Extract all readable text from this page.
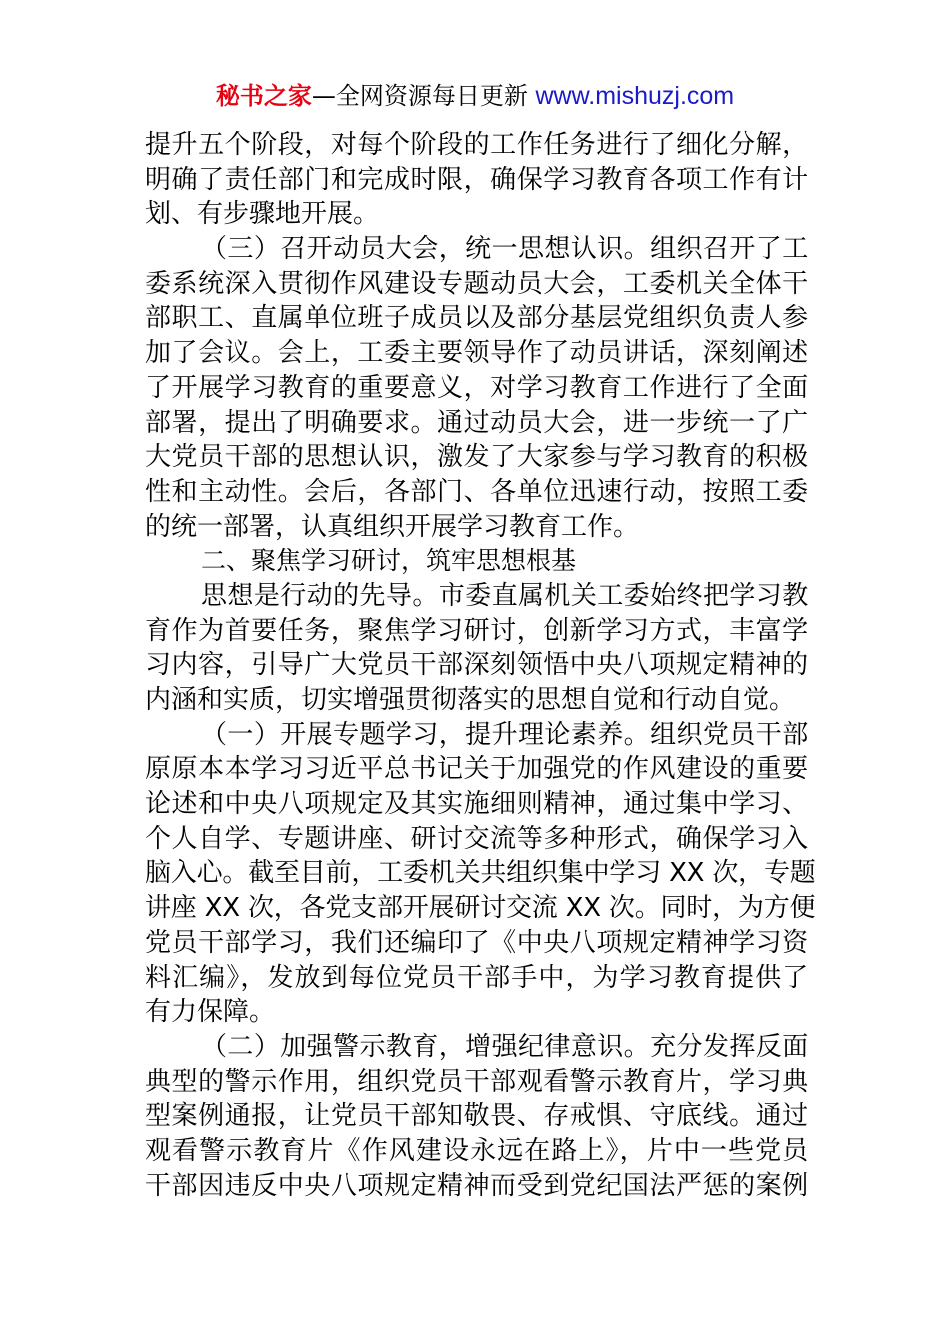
秘书之家—全网资源每日更新 www.mishuzj.com
提升五个阶段，对每个阶段的工作任务进行了细化分解，
明确了责任部门和完成时限，确保学习教育各项工作有计
划、有步骤地开展。
（三）召开动员大会，统一思想认识。组织召开了工
委系统深入贯彻作风建设专题动员大会，工委机关全体干
部职工、直属单位班子成员以及部分基层党组织负责人参
加了会议。会上，工委主要领导作了动员讲话，深刻阐述
了开展学习教育的重要意义，对学习教育工作进行了全面
部署，提出了明确要求。通过动员大会，进一步统一了广
大党员干部的思想认识，激发了大家参与学习教育的积极
性和主动性。会后，各部门、各单位迅速行动，按照工委
的统一部署，认真组织开展学习教育工作。
二、聚焦学习研讨，筑牢思想根基
思想是行动的先导。市委直属机关工委始终把学习教
育作为首要任务，聚焦学习研讨，创新学习方式，丰富学
习内容，引导广大党员干部深刻领悟中央八项规定精神的
内涵和实质，切实增强贯彻落实的思想自觉和行动自觉。
（一）开展专题学习，提升理论素养。组织党员干部
原原本本学习习近平总书记关于加强党的作风建设的重要
论述和中央八项规定及其实施细则精神，通过集中学习、
个人自学、专题讲座、研讨交流等多种形式，确保学习入
脑入心。截至目前，工委机关共组织集中学习 XX 次，专题
讲座 XX 次，各党支部开展研讨交流 XX 次。同时，为方便
党员干部学习，我们还编印了《中央八项规定精神学习资
料汇编》，发放到每位党员干部手中，为学习教育提供了
有力保障。
（二）加强警示教育，增强纪律意识。充分发挥反面
典型的警示作用，组织党员干部观看警示教育片，学习典
型案例通报，让党员干部知敬畏、存戒惧、守底线。通过
观看警示教育片《作风建设永远在路上》，片中一些党员
干部因违反中央八项规定精神而受到党纪国法严惩的案例
